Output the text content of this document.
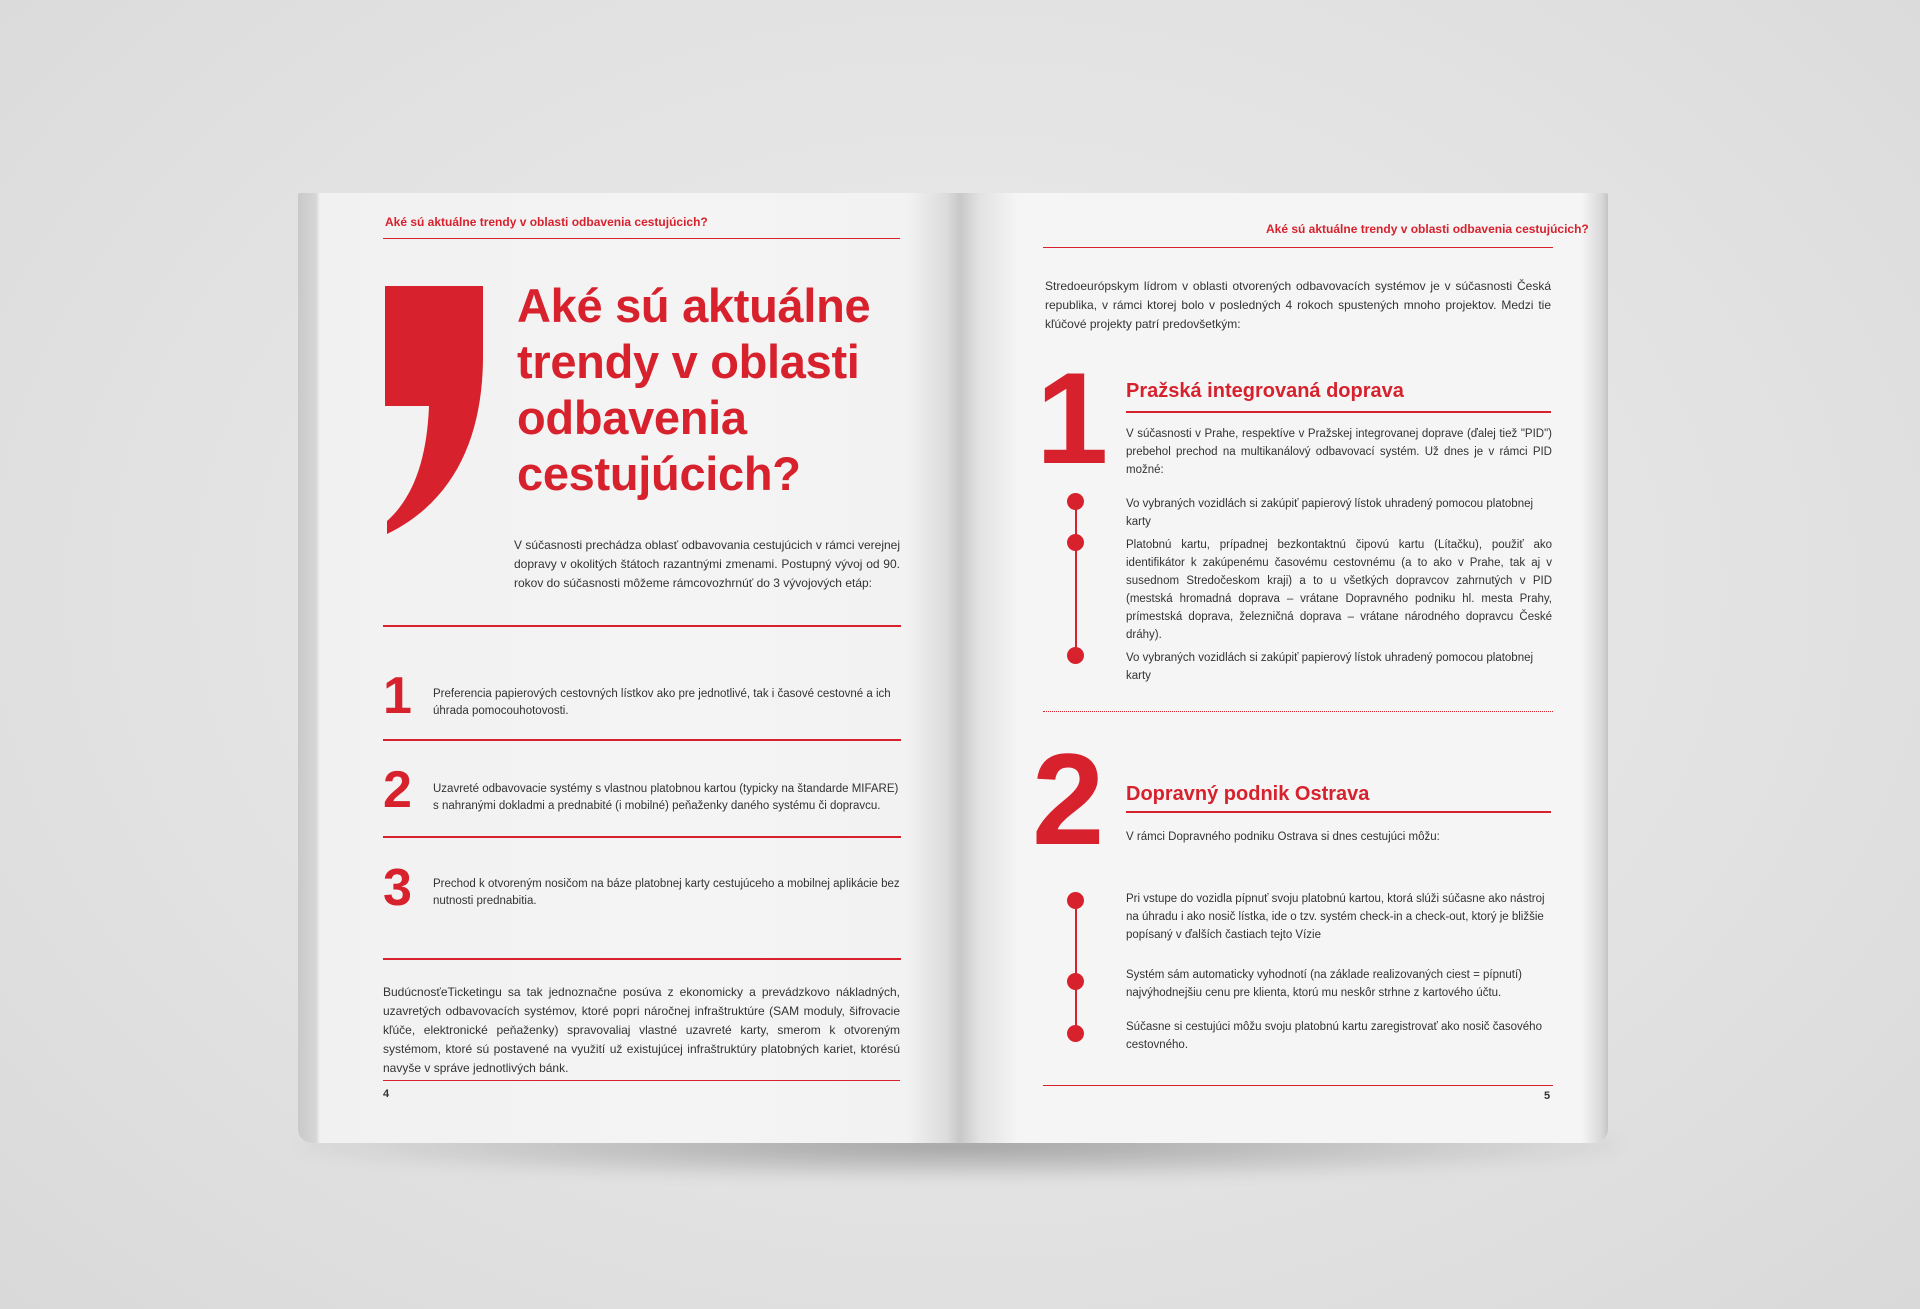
Aké sú aktuálne trendy v oblasti odbavenia cestujúcich?
Aké sú aktuálne
trendy v oblasti
odbavenia
cestujúcich?
V súčasnosti prechádza oblasť odbavovania cestujúcich v rámci verejnej dopravy v okolitých štátoch razantnými zmenami. Postupný vývoj od 90. rokov do súčasnosti môžeme rámcovozhrnúť do 3 vývojových etáp:
1 Preferencia papierových cestovných lístkov ako pre jednotlivé, tak i časové cestovné a ich úhrada pomocouhotovosti.
2 Uzavreté odbavovacie systémy s vlastnou platobnou kartou (typicky na štandarde MIFARE) s nahranými dokladmi a prednabité (i mobilné) peňaženky daného systému či dopravcu.
3 Prechod k otvoreným nosičom na báze platobnej karty cestujúceho a mobilnej aplikácie bez nutnosti prednabitia.
BudúcnosťeTicketingu sa tak jednoznačne posúva z ekonomicky a prevádzkovo nákladných, uzavretých odbavovacích systémov, ktoré popri náročnej infraštruktúre (SAM moduly, šifrovacie kľúče, elektronické peňaženky) spravovaliaj vlastné uzavreté karty, smerom k otvoreným systémom, ktoré sú postavené na využití už existujúcej infraštruktúry platobných kariet, ktorésú navyše v správe jednotlivých bánk.
4
Aké sú aktuálne trendy v oblasti odbavenia cestujúcich?
Stredoeurópskym lídrom v oblasti otvorených odbavovacích systémov je v súčasnosti Česká republika, v rámci ktorej bolo v posledných 4 rokoch spustených mnoho projektov. Medzi tie kľúčové projekty patrí predovšetkým:
1 Pražská integrovaná doprava
V súčasnosti v Prahe, respektíve v Pražskej integrovanej doprave (ďalej tiež "PID") prebehol prechod na multikanálový odbavovací systém. Už dnes je v rámci PID možné:
Vo vybraných vozidlách si zakúpiť papierový lístok uhradený pomocou platobnej karty
Platobnú kartu, prípadnej bezkontaktnú čipovú kartu (Lítačku), použiť ako identifikátor k zakúpenému časovému cestovnému (a to ako v Prahe, tak aj v susednom Stredočeskom kraji) a to u všetkých dopravcov zahrnutých v PID (mestská hromadná doprava – vrátane Dopravného podniku hl. mesta Prahy, prímestská doprava, železničná doprava – vrátane národného dopravcu České dráhy).
Vo vybraných vozidlách si zakúpiť papierový lístok uhradený pomocou platobnej karty
2 Dopravný podnik Ostrava
V rámci Dopravného podniku Ostrava si dnes cestujúci môžu:
Pri vstupe do vozidla pípnuť svoju platobnú kartou, ktorá slúži súčasne ako nástroj na úhradu i ako nosič lístka, ide o tzv. systém check-in a check-out, ktorý je bližšie popísaný v ďalších častiach tejto Vízie
Systém sám automaticky vyhodnotí (na základe realizovaných ciest = pípnutí) najvýhodnejšiu cenu pre klienta, ktorú mu neskôr strhne z kartového účtu.
Súčasne si cestujúci môžu svoju platobnú kartu zaregistrovať ako nosič časového cestovného.
5
